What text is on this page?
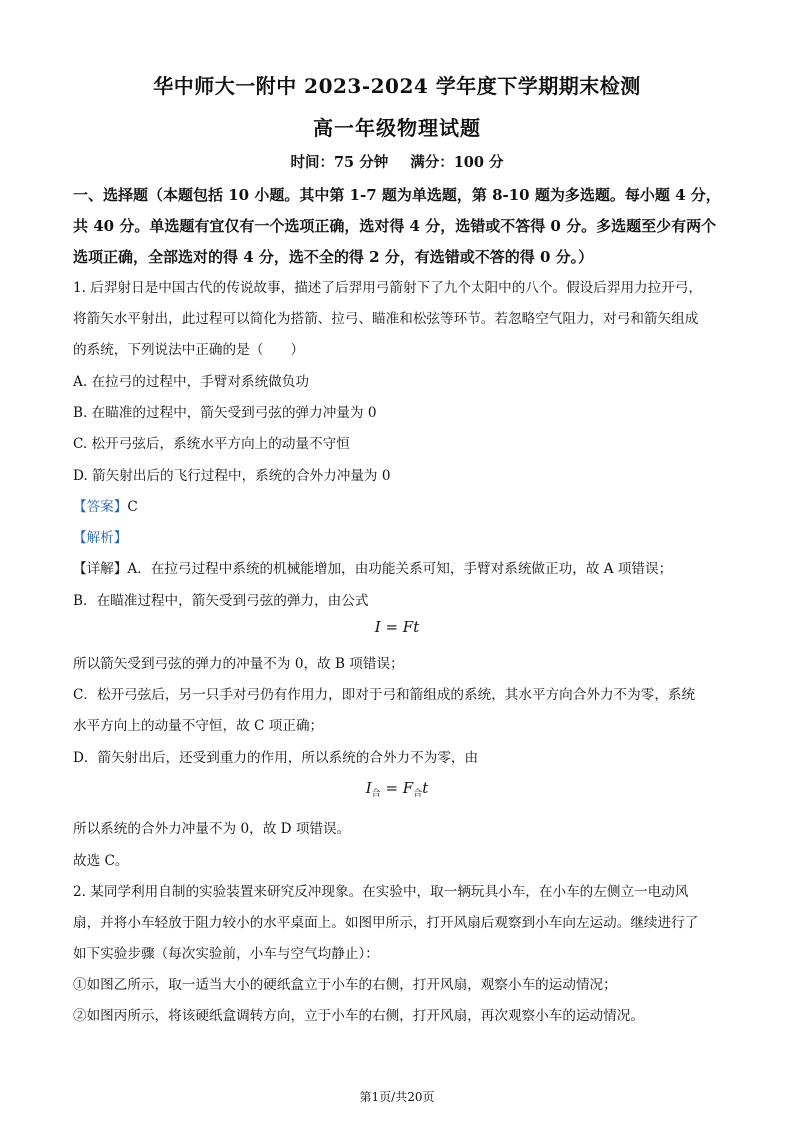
华中师大一附中 2023-2024 学年度下学期期末检测
高一年级物理试题
时间：75 分钟 满分：100 分
一、选择题（本题包括 10 小题。其中第 1-7 题为单选题，第 8-10 题为多选题。每小题 4 分，共 40 分。单选题有宜仅有一个选项正确，选对得 4 分，选错或不答得 0 分。多选题至少有两个选项正确，全部选对的得 4 分，选不全的得 2 分，有选错或不答的得 0 分。）
1. 后羿射日是中国古代的传说故事，描述了后羿用弓箭射下了九个太阳中的八个。假设后羿用力拉开弓，
将箭矢水平射出，此过程可以简化为搭箭、拉弓、瞄准和松弦等环节。若忽略空气阻力，对弓和箭矢组成
的系统，下列说法中正确的是（　　）
A. 在拉弓的过程中，手臂对系统做负功
B. 在瞄准的过程中，箭矢受到弓弦的弹力冲量为 0
C. 松开弓弦后，系统水平方向上的动量不守恒
D. 箭矢射出后的飞行过程中，系统的合外力冲量为 0
【答案】C
【解析】
【详解】A．在拉弓过程中系统的机械能增加，由功能关系可知，手臂对系统做正功，故 A 项错误；
B．在瞄准过程中，箭矢受到弓弦的弹力，由公式
I = Ft
所以箭矢受到弓弦的弹力的冲量不为 0，故 B 项错误；
C．松开弓弦后，另一只手对弓仍有作用力，即对于弓和箭组成的系统，其水平方向合外力不为零，系统
水平方向上的动量不守恒，故 C 项正确；
D．箭矢射出后，还受到重力的作用，所以系统的合外力不为零，由
$I_合 = F_合t$
所以系统的合外力冲量不为 0，故 D 项错误。
故选 C。
2. 某同学利用自制的实验装置来研究反冲现象。在实验中，取一辆玩具小车，在小车的左侧立一电动风
扇，并将小车轻放于阻力较小的水平桌面上。如图甲所示，打开风扇后观察到小车向左运动。继续进行了
如下实验步骤（每次实验前，小车与空气均静止）：
①如图乙所示，取一适当大小的硬纸盒立于小车的右侧，打开风扇，观察小车的运动情况；
②如图丙所示，将该硬纸盒调转方向，立于小车的右侧，打开风扇，再次观察小车的运动情况。
第1页/共20页
